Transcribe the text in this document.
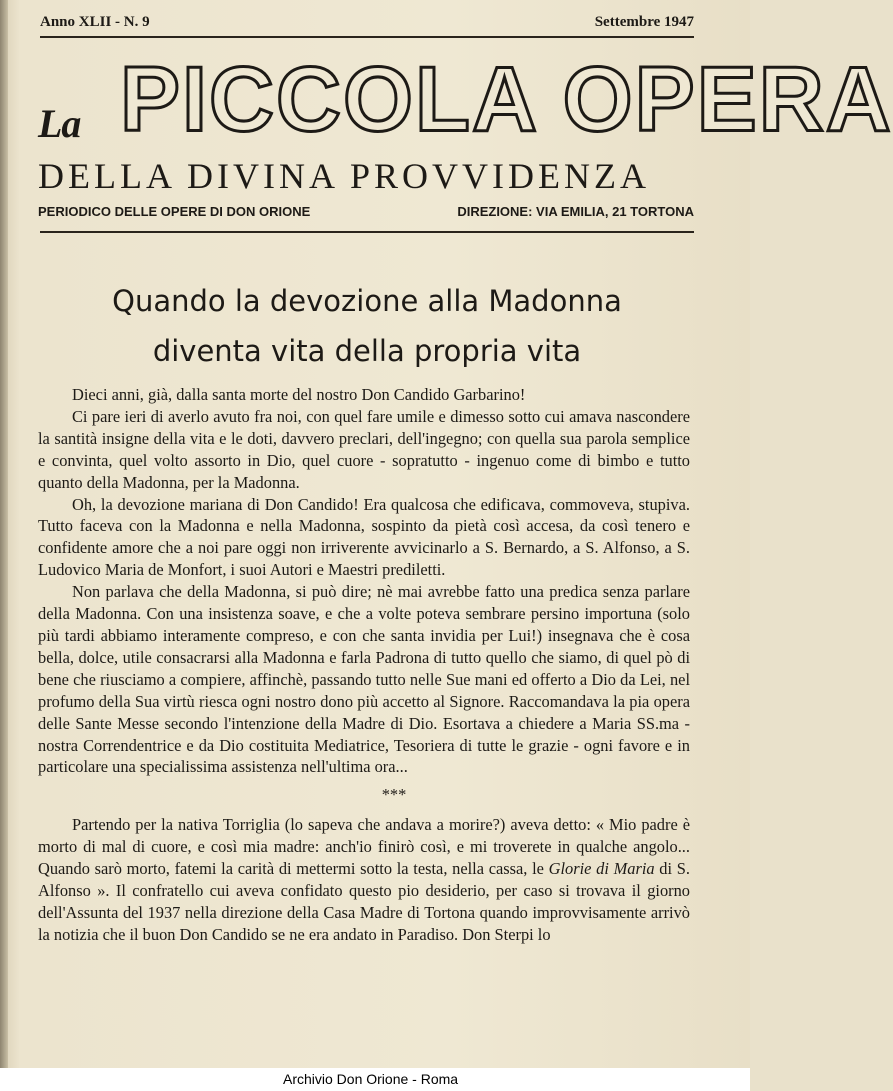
Anno XLII - N. 9	Settembre 1947
La PICCOLA OPERA
DELLA DIVINA PROVVIDENZA
PERIODICO DELLE OPERE DI DON ORIONE	DIREZIONE: VIA EMILIA, 21 TORTONA
Quando la devozione alla Madonna
diventa vita della propria vita

Dieci anni, già, dalla santa morte del nostro Don Candido Garbarino!

Ci pare ieri di averlo avuto fra noi, con quel fare umile e dimesso sotto cui amava nascondere la santità insigne della vita e le doti, davvero preclari, dell'ingegno; con quella sua parola semplice e convinta, quel volto assorto in Dio, quel cuore - sopratutto - ingenuo come di bimbo e tutto quanto della Madonna, per la Madonna.

Oh, la devozione mariana di Don Candido! Era qualcosa che edificava, commoveva, stupiva. Tutto faceva con la Madonna e nella Madonna, sospinto da pietà così accesa, da così tenero e confidente amore che a noi pare oggi non irriverente avvicinarlo a S. Bernardo, a S. Alfonso, a S. Ludovico Maria de Monfort, i suoi Autori e Maestri prediletti.

Non parlava che della Madonna, si può dire; nè mai avrebbe fatto una predica senza parlare della Madonna. Con una insistenza soave, e che a volte poteva sembrare persino importuna (solo più tardi abbiamo interamente compreso, e con che santa invidia per Lui!) insegnava che è cosa bella, dolce, utile consacrarsi alla Madonna e farla Padrona di tutto quello che siamo, di quel pò di bene che riusciamo a compiere, affinchè, passando tutto nelle Sue mani ed offerto a Dio da Lei, nel profumo della Sua virtù riesca ogni nostro dono più accetto al Signore. Raccomandava la pia opera delle Sante Messe secondo l'intenzione della Madre di Dio. Esortava a chiedere a Maria SS.ma - nostra Correndentrice e da Dio costituita Mediatrice, Tesoriera di tutte le grazie - ogni favore e in particolare una specialissima assistenza nell'ultima ora...

***

Partendo per la nativa Torriglia (lo sapeva che andava a morire?) aveva detto: « Mio padre è morto di mal di cuore, e così mia madre: anch'io finirò così, e mi troverete in qualche angolo... Quando sarò morto, fatemi la carità di mettermi sotto la testa, nella cassa, le Glorie di Maria di S. Alfonso ». Il confratello cui aveva confidato questo pio desiderio, per caso si trovava il giorno dell'Assunta del 1937 nella direzione della Casa Madre di Tortona quando improvvisamente arrivò la notizia che il buon Don Candido se ne era andato in Paradiso. Don Sterpi lo

Archivio Don Orione - Roma
